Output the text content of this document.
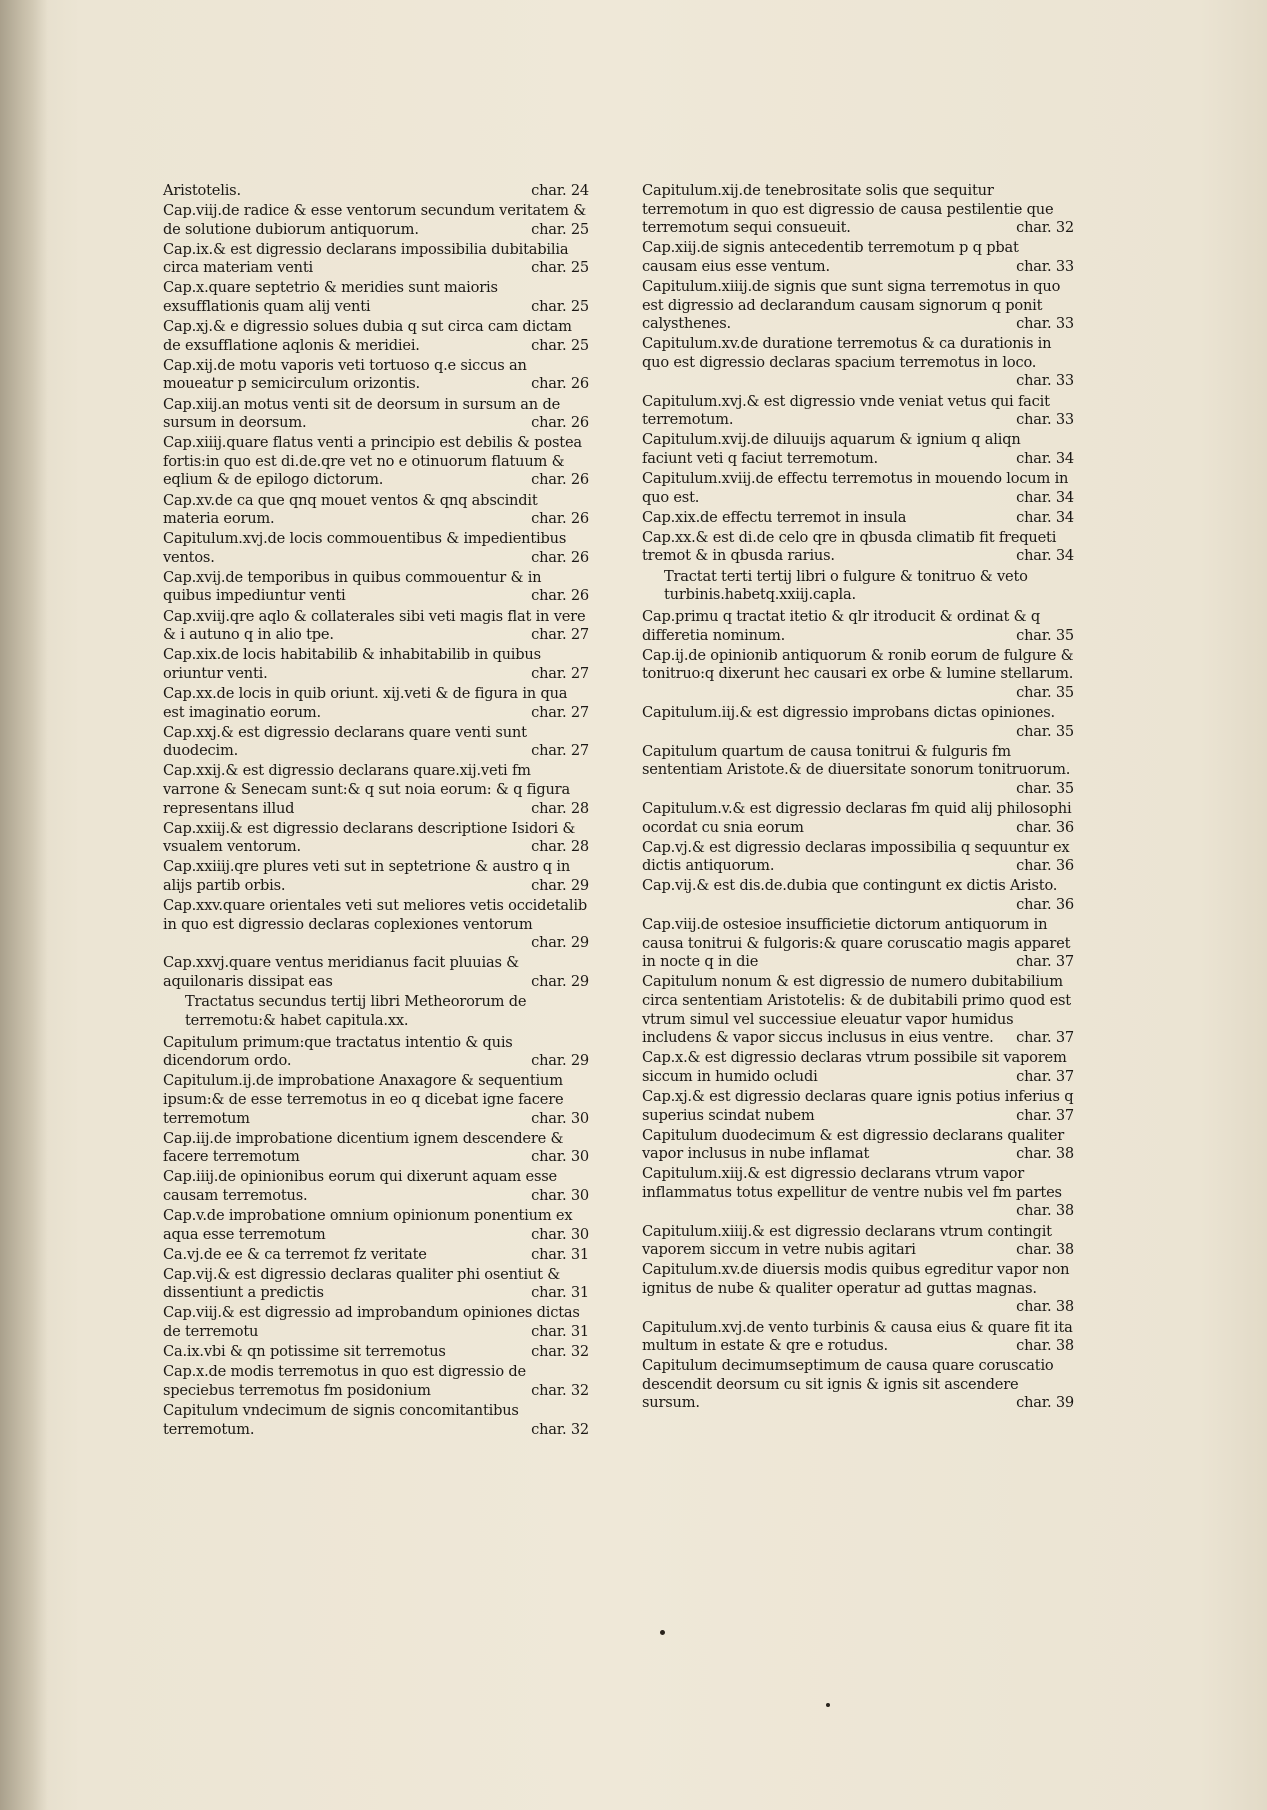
Aristotelis.	char. 24
Cap.viij.de radice & esse ventorum secundum veritatem & de solutione dubiorum antiquorum.	char. 25
Cap.ix.& est digressio declarans impossibilia dubitabilia circa materiam venti	char. 25
Cap.x.quare septetrio & meridies sunt maioris exsufflationis quam alij venti	char. 25
Cap.xj.& e digressio solues dubia q sut circa cam dictam de exsufflatione aqlonis & meridiei.	char. 25
Cap.xij.de motu vaporis veti tortuoso q.e siccus an moueatur p semicirculum orizontis.	char. 26
Cap.xiij.an motus venti sit de deorsum in sursum an de sursum in deorsum.	char. 26
Cap.xiiij.quare flatus venti a principio est debilis & postea fortis:in quo est di.de.qre vet no e otinuorum flatuum & eqlium & de epilogo dictorum.	char. 26
Cap.xv.de ca que qnq mouet ventos & qnq abscindit materia eorum.	char. 26
Capitulum.xvj.de locis commouentibus & impedientibus ventos.	char. 26
Cap.xvij.de temporibus in quibus commouentur & in quibus impediuntur venti	char. 26
Cap.xviij.qre aqlo & collaterales sibi veti magis flat in vere & i autuno q in alio tpe.	char. 27
Cap.xix.de locis habitabilib & inhabitabilib in quibus oriuntur venti.	char. 27
Cap.xx.de locis in quib oriunt. xij.veti & de figura in qua est imaginatio eorum.	char. 27
Cap.xxj.& est digressio declarans quare venti sunt duodecim.	char. 27
Cap.xxij.& est digressio declarans quare.xij.veti fm varrone & Senecam sunt:& q sut noia eorum: & q figura representans illud	char. 28
Cap.xxiij.& est digressio declarans descriptione Isidori & vsualem ventorum.	char. 28
Cap.xxiiij.qre plures veti sut in septetrione & austro q in alijs partib orbis.	char. 29
Cap.xxv.quare orientales veti sut meliores vetis occidetalib in quo est digressio declaras coplexiones ventorum
char. 29
Cap.xxvj.quare ventus meridianus facit pluuias & aquilonaris dissipat eas	char. 29
Tractatus secundus tertij libri Metheororum de terremotu:& habet capitula.xx.
Capitulum primum:que tractatus intentio & quis dicendorum ordo.	char. 29
Capitulum.ij.de improbatione Anaxagore & sequentium ipsum:& de esse terremotus in eo q dicebat igne facere terremotum	char. 30
Cap.iij.de improbatione dicentium ignem descendere & facere terremotum	char. 30
Cap.iiij.de opinionibus eorum qui dixerunt aquam esse causam terremotus.	char. 30
Cap.v.de improbatione omnium opinionum ponentium ex aqua esse terremotum	char. 30
Ca.vj.de ee & ca terremot fz veritate	char. 31
Cap.vij.& est digressio declaras qualiter phi osentiut & dissentiunt a predictis	char. 31
Cap.viij.& est digressio ad improbandum opiniones dictas de terremotu	char. 31
Ca.ix.vbi & qn potissime sit terremotus	char. 32
Cap.x.de modis terremotus in quo est digressio de speciebus terremotus fm posidonium	char. 32
Capitulum vndecimum de signis concomitantibus terremotum.	char. 32
Capitulum.xij.de tenebrositate solis que sequitur terremotum in quo est digressio de causa pestilentie que terremotum sequi consueuit.	char. 32
Cap.xiij.de signis antecedentib terremotum p q pbat causam eius esse ventum.	char. 33
Capitulum.xiiij.de signis que sunt signa terremotus in quo est digressio ad declarandum causam signorum q ponit calysthenes.	char. 33
Capitulum.xv.de duratione terremotus & ca durationis in quo est digressio declaras spacium terremotus in loco.
char. 33
Capitulum.xvj.& est digressio vnde veniat vetus qui facit terremotum.	char. 33
Capitulum.xvij.de diluuijs aquarum & ignium q aliqn faciunt veti q faciut terremotum.	char. 34
Capitulum.xviij.de effectu terremotus in mouendo locum in quo est.	char. 34
Cap.xix.de effectu terremot in insula	char. 34
Cap.xx.& est di.de celo qre in qbusda climatib fit frequeti tremot & in qbusda rarius.	char. 34
Tractat terti tertij libri o fulgure & tonitruo & veto turbinis.habetq.xxiij.capla.
Cap.primu q tractat itetio & qlr itroducit & ordinat & q differetia nominum.	char. 35
Cap.ij.de opinionib antiquorum & ronib eorum de fulgure & tonitruo:q dixerunt hec causari ex orbe & lumine stellarum.
char. 35
Capitulum.iij.& est digressio improbans dictas opiniones.
char. 35
Capitulum quartum de causa tonitrui & fulguris fm sententiam Aristote.& de diuersitate sonorum tonitruorum.
char. 35
Capitulum.v.& est digressio declaras fm quid alij philosophi ocordat cu snia eorum	char. 36
Cap.vj.& est digressio declaras impossibilia q sequuntur ex dictis antiquorum.	char. 36
Cap.vij.& est dis.de.dubia que contingunt ex dictis Aristo.
char. 36
Cap.viij.de ostesioe insufficietie dictorum antiquorum in causa tonitrui & fulgoris:& quare coruscatio magis apparet in nocte q in die	char. 37
Capitulum nonum & est digressio de numero dubitabilium circa sententiam Aristotelis: & de dubitabili primo quod est vtrum simul vel successiue eleuatur vapor humidus includens & vapor siccus inclusus in eius ventre.	char. 37
Cap.x.& est digressio declaras vtrum possibile sit vaporem siccum in humido ocludi	char. 37
Cap.xj.& est digressio declaras quare ignis potius inferius q superius scindat nubem	char. 37
Capitulum duodecimum & est digressio declarans qualiter vapor inclusus in nube inflamat	char. 38
Capitulum.xiij.& est digressio declarans vtrum vapor inflammatus totus expellitur de ventre nubis vel fm partes
char. 38
Capitulum.xiiij.& est digressio declarans vtrum contingit vaporem siccum in vetre nubis agitari	char. 38
Capitulum.xv.de diuersis modis quibus egreditur vapor non ignitus de nube & qualiter operatur ad guttas magnas.
char. 38
Capitulum.xvj.de vento turbinis & causa eius & quare fit ita multum in estate & qre e rotudus.	char. 38
Capitulum decimumseptimum de causa quare coruscatio descendit deorsum cu sit ignis & ignis sit ascendere sursum.	char. 39
